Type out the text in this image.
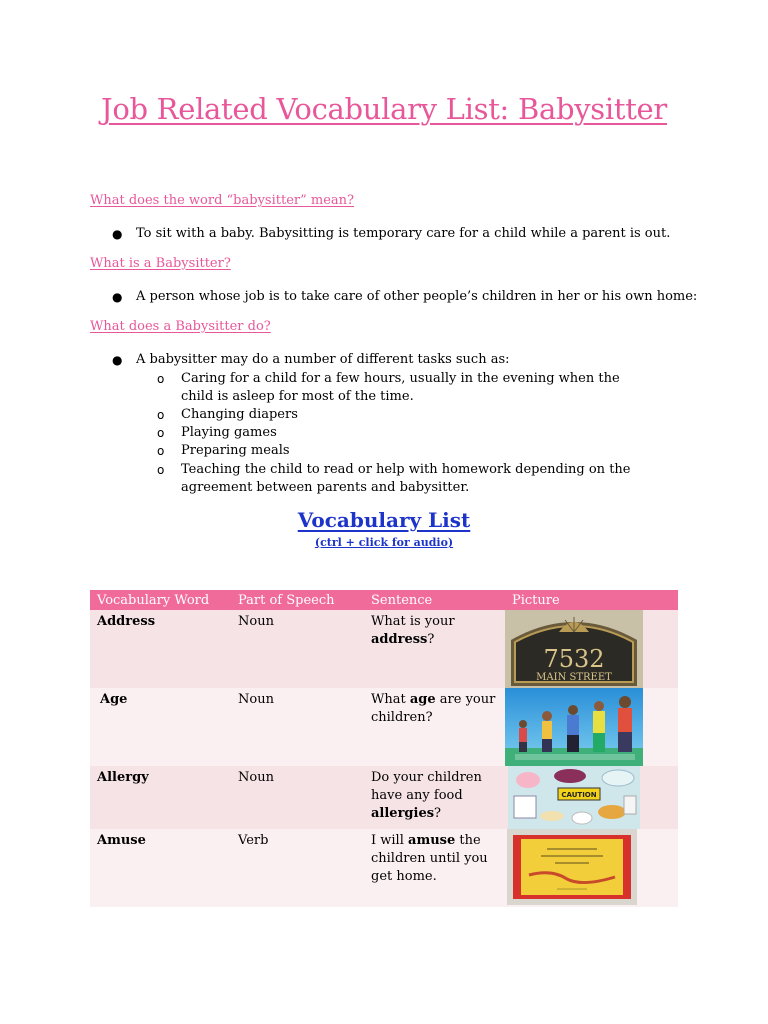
Job Related Vocabulary List: Babysitter
What does the word “babysitter” mean?
● To sit with a baby. Babysitting is temporary care for a child while a parent is out.
What is a Babysitter?
● A person whose job is to take care of other people’s children in her or his own home:
What does a Babysitter do?
● A babysitter may do a number of different tasks such as:
o Caring for a child for a few hours, usually in the evening when the child is asleep for most of the time.
o Changing diapers
o Playing games
o Preparing meals
o Teaching the child to read or help with homework depending on the agreement between parents and babysitter.
Vocabulary List
(ctrl + click for audio)
Vocabulary Word	Part of Speech	Sentence	Picture
Address	Noun	What is your address?	7532
MAIN STREET

Age	Noun	What age are your children?	

Allergy	Noun	Do your children have any food allergies?	CAUTION

Amuse	Verb	I will amuse the children until you get home.	
